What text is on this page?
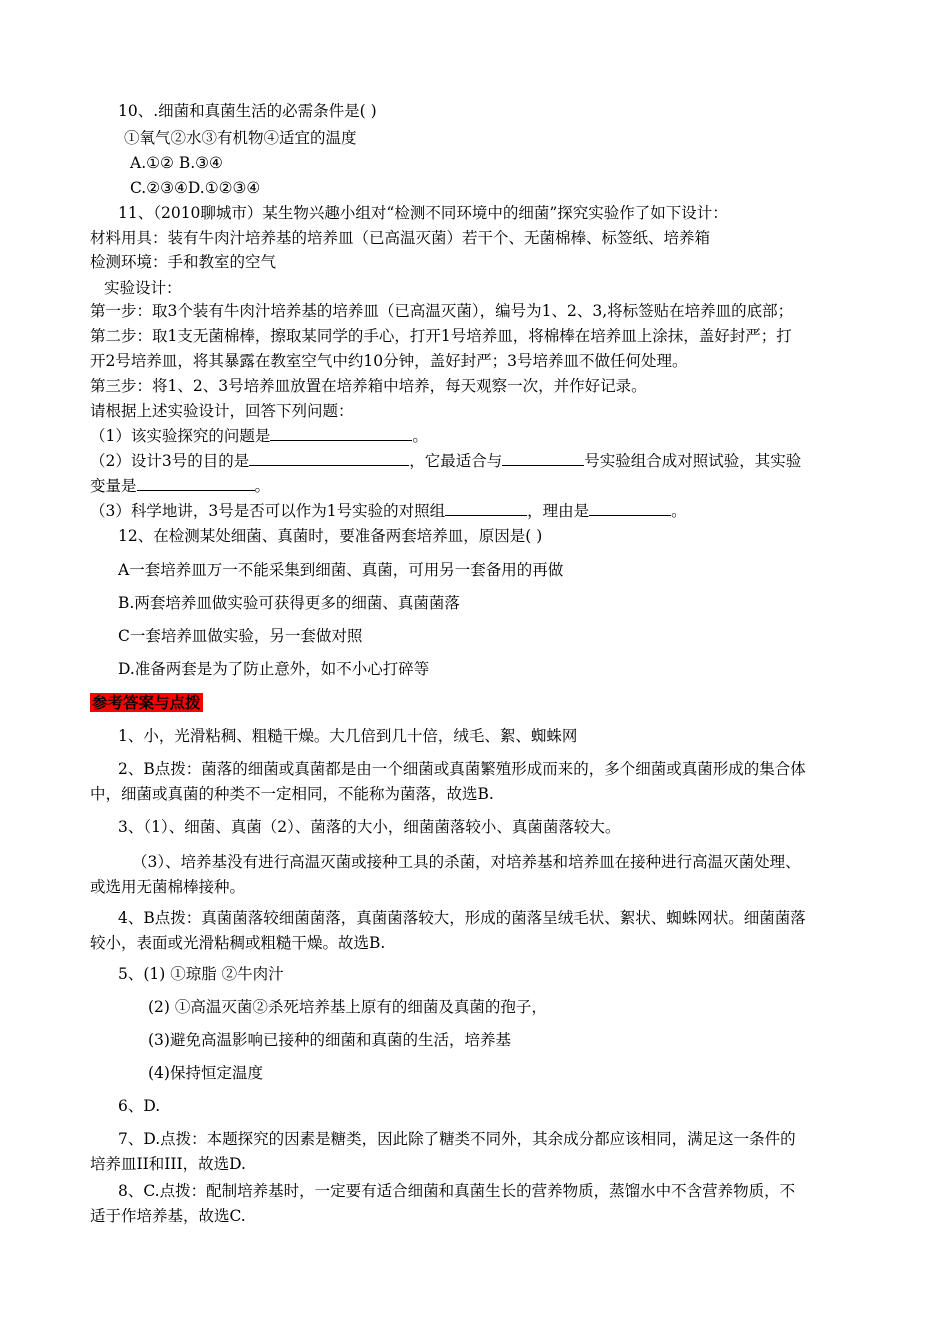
10、.细菌和真菌生活的必需条件是( )
①氧气②水③有机物④适宜的温度
A.①② B.③④
C.②③④D.①②③④
11、（2010聊城市）某生物兴趣小组对“检测不同环境中的细菌”探究实验作了如下设计：
材料用具：装有牛肉汁培养基的培养皿（已高温灭菌）若干个、无菌棉棒、标签纸、培养箱
检测环境：手和教室的空气
实验设计：
第一步：取3个装有牛肉汁培养基的培养皿（已高温灭菌），编号为1、2、3,将标签贴在培养皿的底部；
第二步：取1支无菌棉棒，擦取某同学的手心，打开1号培养皿，将棉棒在培养皿上涂抹，盖好封严；打
开2号培养皿，将其暴露在教室空气中约10分钟，盖好封严；3号培养皿不做任何处理。
第三步：将1、2、3号培养皿放置在培养箱中培养，每天观察一次，并作好记录。
请根据上述实验设计，回答下列问题：
（1）该实验探究的问题是	。
（2）设计3号的目的是	，它最适合与	号实验组合成对照试验，其实验
变量是	。
（3）科学地讲，3号是否可以作为1号实验的对照组	，理由是	。
12、在检测某处细菌、真菌时，要准备两套培养皿，原因是( )
A一套培养皿万一不能采集到细菌、真菌，可用另一套备用的再做
B.两套培养皿做实验可获得更多的细菌、真菌菌落
C一套培养皿做实验，另一套做对照
D.准备两套是为了防止意外，如不小心打碎等
参考答案与点拨
1、小，光滑粘稠、粗糙干燥。大几倍到几十倍，绒毛、絮、蜘蛛网
2、B点拨：菌落的细菌或真菌都是由一个细菌或真菌繁殖形成而来的，多个细菌或真菌形成的集合体
中，细菌或真菌的种类不一定相同，不能称为菌落，故选B.
3、（1）、细菌、真菌（2）、菌落的大小，细菌菌落较小、真菌菌落较大。
（3）、培养基没有进行高温灭菌或接种工具的杀菌，对培养基和培养皿在接种进行高温灭菌处理、
或选用无菌棉棒接种。
4、B点拨：真菌菌落较细菌菌落，真菌菌落较大，形成的菌落呈绒毛状、絮状、蜘蛛网状。细菌菌落
较小，表面或光滑粘稠或粗糙干燥。故选B.
5、(1) ①琼脂 ②牛肉汁
(2) ①高温灭菌②杀死培养基上原有的细菌及真菌的孢子，
(3)避免高温影响已接种的细菌和真菌的生活，培养基
(4)保持恒定温度
6、D.
7、D.点拨：本题探究的因素是糖类，因此除了糖类不同外，其余成分都应该相同，满足这一条件的
培养皿II和III，故选D.
8、C.点拨：配制培养基时，一定要有适合细菌和真菌生长的营养物质，蒸馏水中不含营养物质，不
适于作培养基，故选C.
